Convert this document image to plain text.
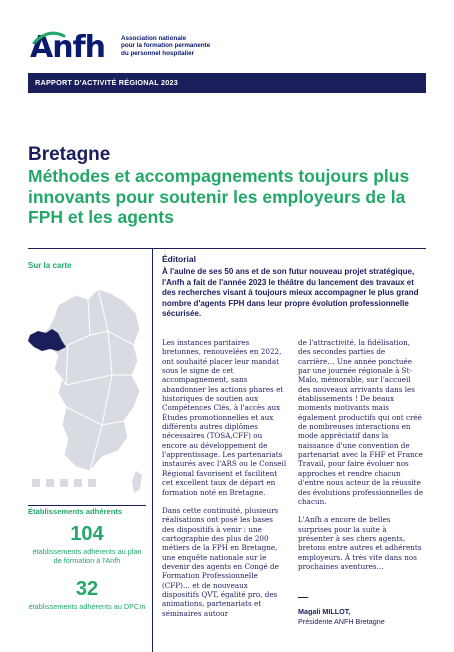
Anfh	Association nationale
pour la formation permanente
du personnel hospitalier
RAPPORT D'ACTIVITÉ RÉGIONAL 2023
Bretagne
Méthodes et accompagnements toujours plus innovants pour soutenir les employeurs de la FPH et les agents
Sur la carte
Établissements adhérents
104
établissements adhérents au plan de formation à l'Anfh
32
établissements adhérents au DPCm
Éditorial
À l'aulne de ses 50 ans et de son futur nouveau projet stratégique, l'Anfh a fait de l'année 2023 le théâtre du lancement des travaux et des recherches visant à toujours mieux accompagner le plus grand nombre d'agents FPH dans leur propre évolution professionnelle sécurisée.

Les instances paritaires bretonnes, renouvelées en 2022, ont souhaité placer leur mandat sous le signe de cet accompagnement, sans abandonner les actions phares et historiques de soutien aux Compétences Clés, à l'accès aux Études promotionnelles et aux différents autres diplômes nécessaires (TOSA,CFF) ou encore au développement de l'apprentissage. Les partenariats instaurés avec l'ARS ou le Conseil Régional favorisent et facilitent cet excellent taux de départ en formation noté en Bretagne.

Dans cette continuité, plusieurs réalisations ont posé les bases des dispositifs à venir : une cartographie des plus de 200 métiers de la FPH en Bretagne, une enquête nationale sur le devenir des agents en Congé de Formation Professionnelle (CFP)… et de nouveaux dispositifs QVT, égalité pro, des animations, partenariats et séminaires autour

de l'attractivité, la fidélisation, des secondes parties de carrière… Une année ponctuée par une journée régionale à St-Malo, mémorable, sur l'accueil des nouveaux arrivants dans les établissements ! De beaux moments motivants mais également productifs qui ont créé de nombreuses interactions en mode appréciatif dans la naissance d'une convention de partenariat avec la FHF et France Travail, pour faire évoluer nos approches et rendre chacun d'entre nous acteur de la réussite des évolutions professionnelles de chacun.

L'Anfh a encore de belles surprises pour la suite à présenter à ses chers agents, bretons entre autres et adhérents employeurs. À très vite dans nos prochaines aventures…

Magali MILLOT,
Présidente ANFH Bretagne
